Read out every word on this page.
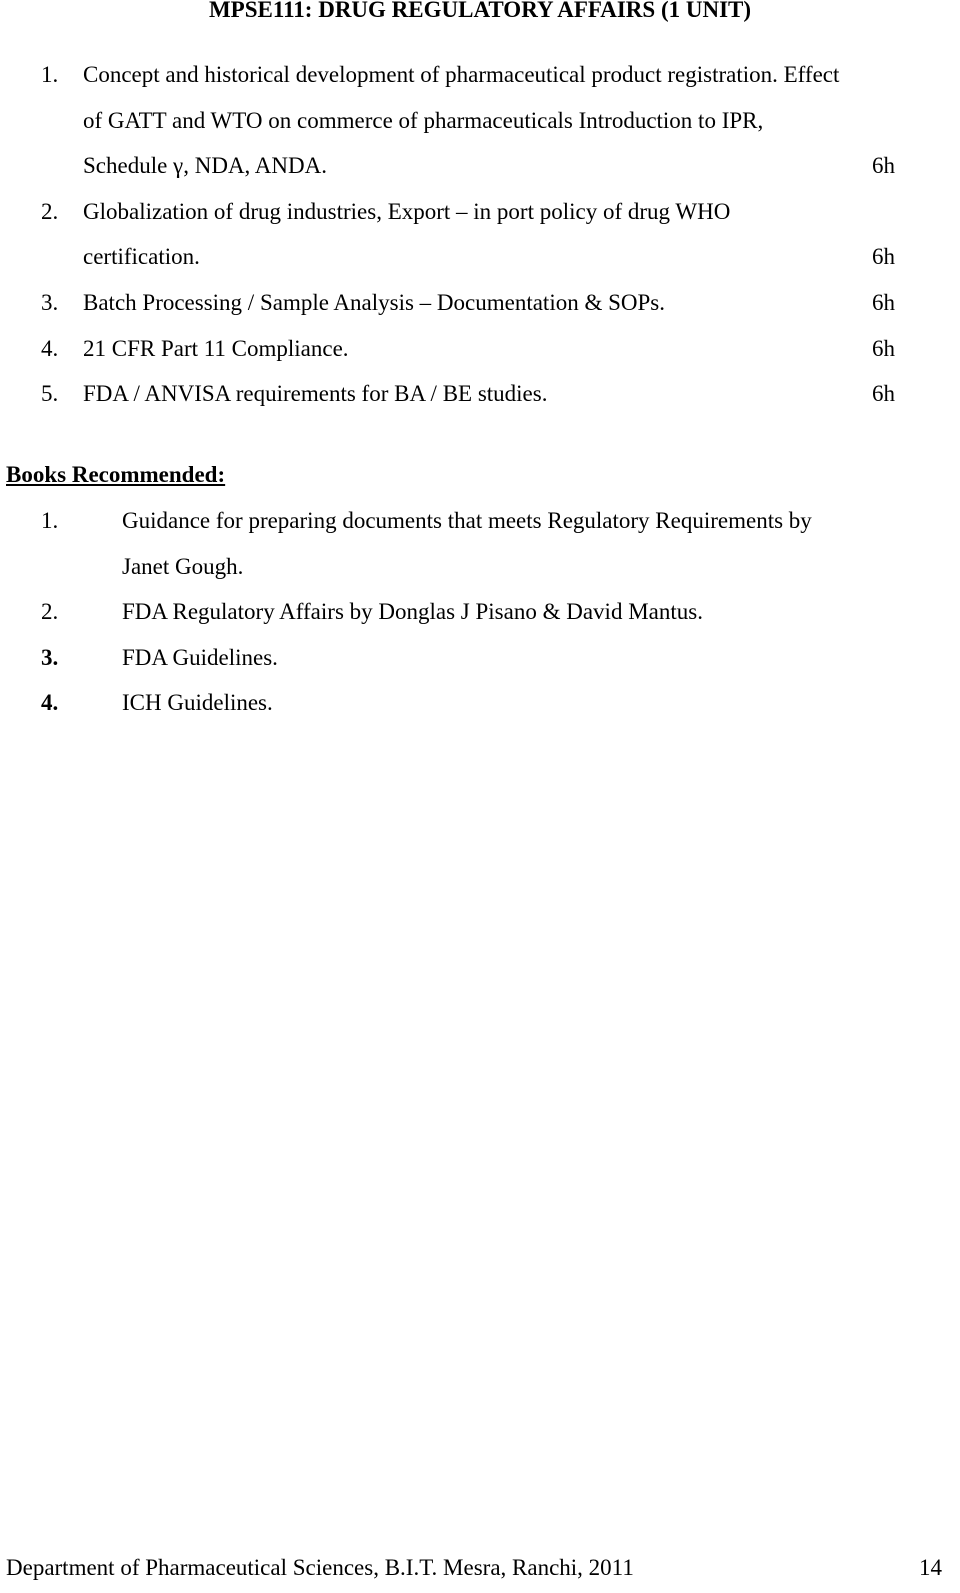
MPSE111: DRUG REGULATORY AFFAIRS (1 UNIT)
1. Concept and historical development of pharmaceutical product registration. Effect
of GATT and WTO on commerce of pharmaceuticals Introduction to IPR,
Schedule γ, NDA, ANDA.	6h
2. Globalization of drug industries, Export – in port policy of drug WHO
certification.	6h
3. Batch Processing / Sample Analysis – Documentation & SOPs.	6h
4. 21 CFR Part 11 Compliance.	6h
5. FDA / ANVISA requirements for BA / BE studies.	6h
Books Recommended:
1.	Guidance for preparing documents that meets Regulatory Requirements by
Janet Gough.
2.	FDA Regulatory Affairs by Donglas J Pisano & David Mantus.
3.	FDA Guidelines.
4.	ICH Guidelines.
Department of Pharmaceutical Sciences, B.I.T. Mesra, Ranchi, 2011	14
